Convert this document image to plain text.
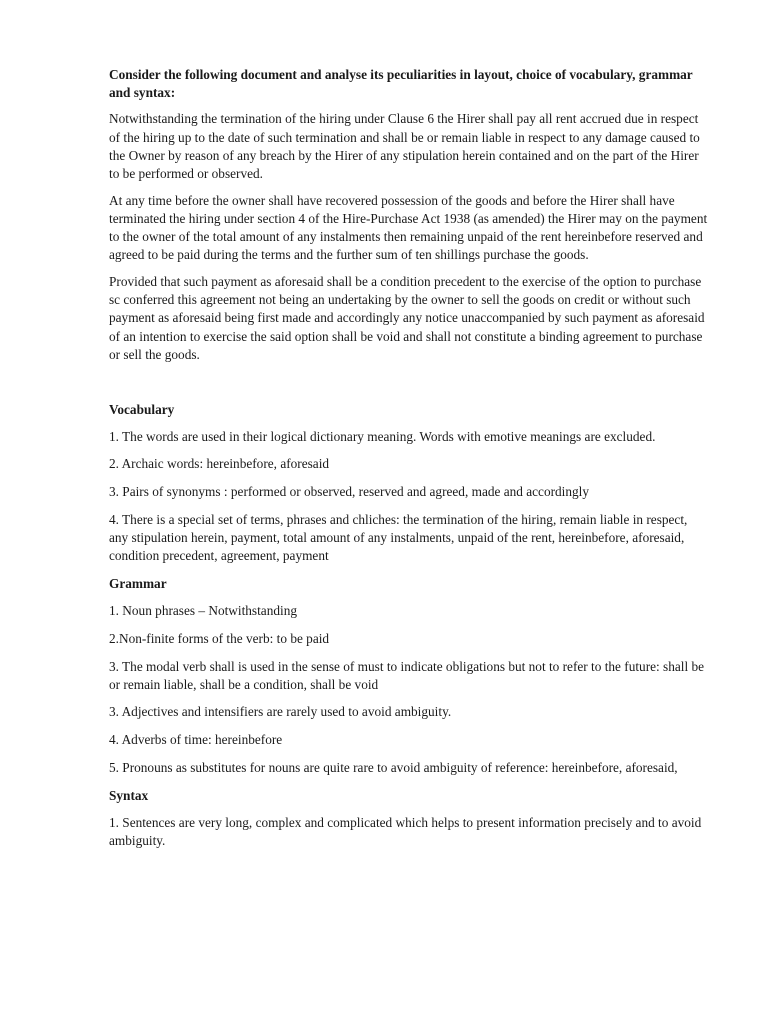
Consider the following document and analyse its peculiarities in layout, choice of vocabulary, grammar and syntax:

Notwithstanding the termination of the hiring under Clause 6 the Hirer shall pay all rent accrued due in respect of the hiring up to the date of such termination and shall be or remain liable in respect to any damage caused to the Owner by reason of any breach by the Hirer of any stipulation herein contained and on the part of the Hirer to be performed or observed.

At any time before the owner shall have recovered possession of the goods and before the Hirer shall have terminated the hiring under section 4 of the Hire-Purchase Act 1938 (as amended) the Hirer may on the payment to the owner of the total amount of any instalments then remaining unpaid of the rent hereinbefore reserved and agreed to be paid during the terms and the further sum of ten shillings purchase the goods.

Provided that such payment as aforesaid shall be a condition precedent to the exercise of the option to purchase sc conferred this agreement not being an undertaking by the owner to sell the goods on credit or without such payment as aforesaid being first made and accordingly any notice unaccompanied by such payment as aforesaid of an intention to exercise the said option shall be void and shall not constitute a binding agreement to purchase or sell the goods.

Vocabulary

1. The words are used in their logical dictionary meaning. Words with emotive meanings are excluded.

2. Archaic words: hereinbefore, aforesaid

3. Pairs of synonyms : performed or observed, reserved and agreed, made and accordingly

4. There is a special set of terms, phrases and chliches: the termination of the hiring, remain liable in respect, any stipulation herein, payment, total amount of any instalments, unpaid of the rent, hereinbefore, aforesaid, condition precedent, agreement, payment

Grammar

1. Noun phrases – Notwithstanding

2.Non-finite forms of the verb: to be paid

3. The modal verb shall is used in the sense of must to indicate obligations but not to refer to the future: shall be or remain liable, shall be a condition, shall be void

3. Adjectives and intensifiers are rarely used to avoid ambiguity.

4. Adverbs of time: hereinbefore

5. Pronouns as substitutes for nouns are quite rare to avoid ambiguity of reference: hereinbefore, aforesaid,

Syntax

1. Sentences are very long, complex and complicated which helps to present information precisely and to avoid ambiguity.
